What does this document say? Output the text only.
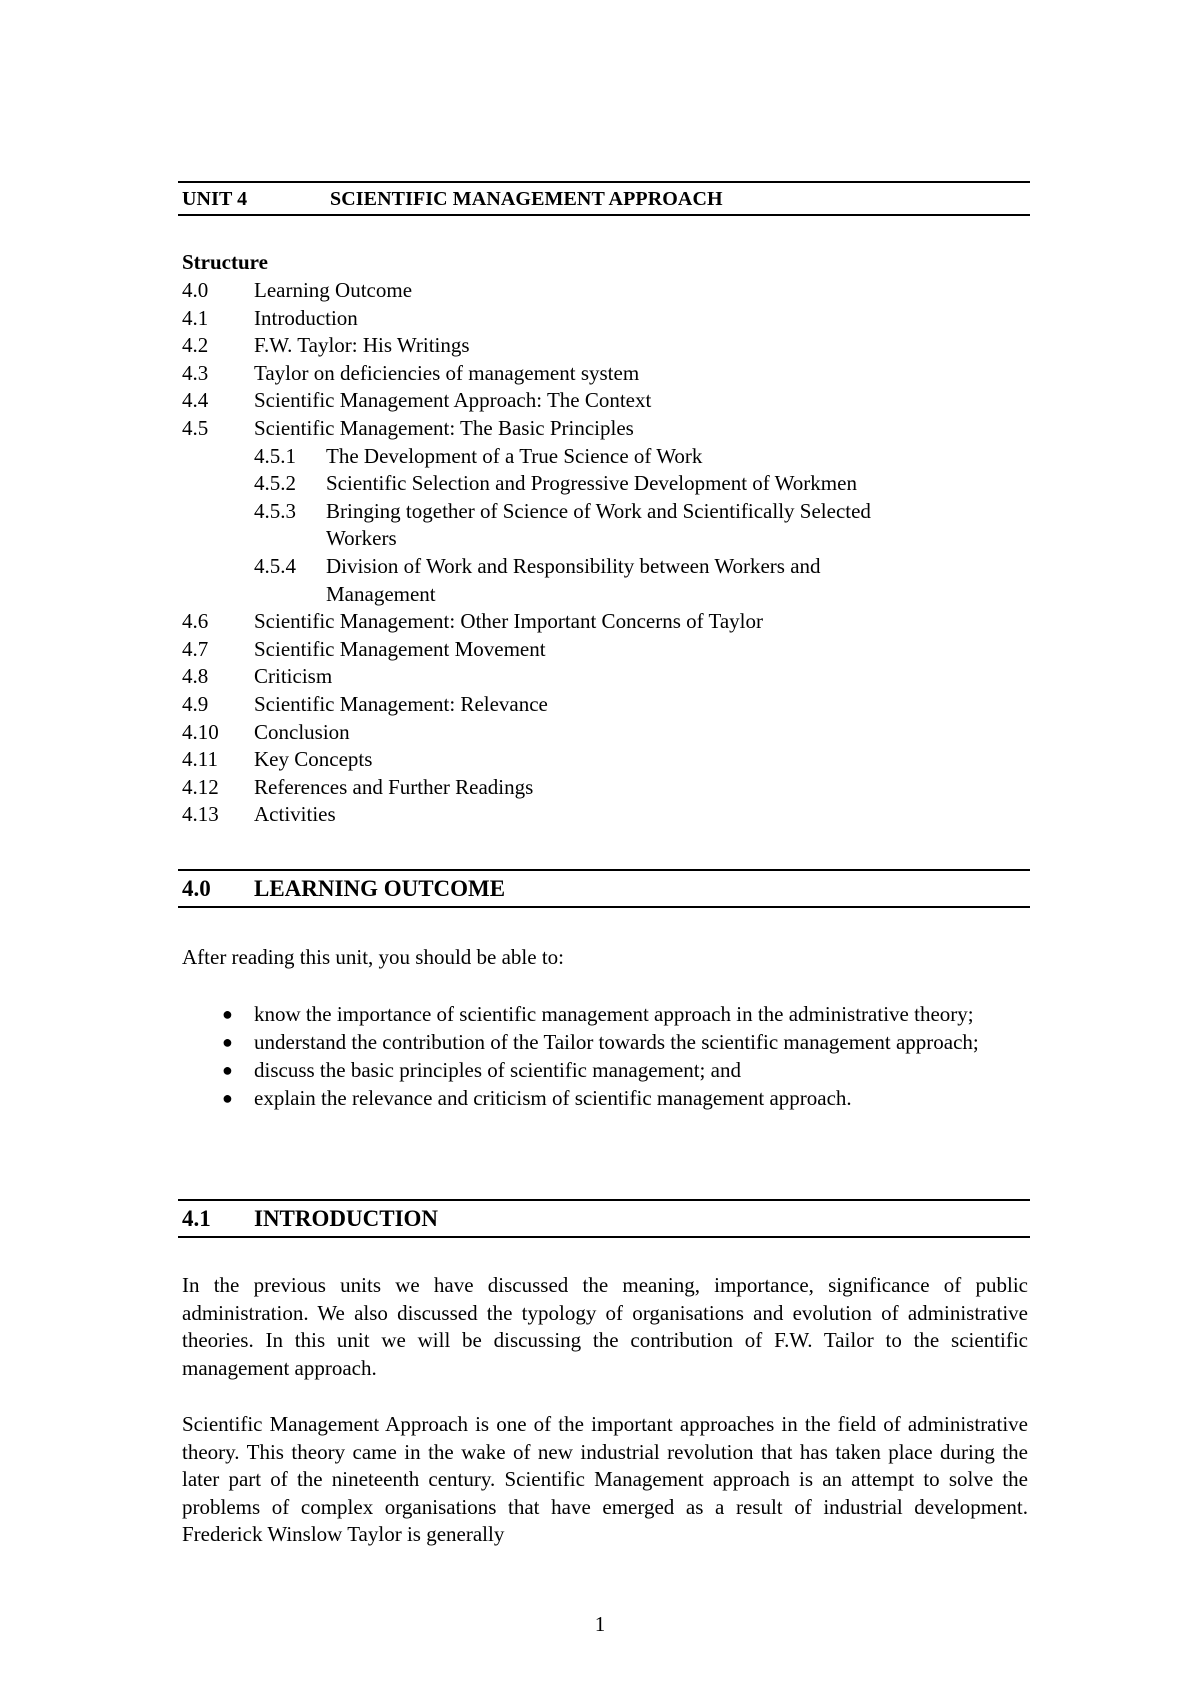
UNIT 4	SCIENTIFIC MANAGEMENT APPROACH
Structure
4.0 Learning Outcome
4.1 Introduction
4.2 F.W. Taylor: His Writings
4.3 Taylor on deficiencies of management system
4.4 Scientific Management Approach: The Context
4.5 Scientific Management: The Basic Principles
4.5.1 The Development of a True Science of Work
4.5.2 Scientific Selection and Progressive Development of Workmen
4.5.3 Bringing together of Science of Work and Scientifically Selected
Workers
4.5.4 Division of Work and Responsibility between Workers and
Management
4.6 Scientific Management: Other Important Concerns of Taylor
4.7 Scientific Management Movement
4.8 Criticism
4.9 Scientific Management: Relevance
4.10 Conclusion
4.11 Key Concepts
4.12 References and Further Readings
4.13 Activities
4.0 LEARNING OUTCOME

After reading this unit, you should be able to:

● know the importance of scientific management approach in the administrative theory;
● understand the contribution of the Tailor towards the scientific management approach;
● discuss the basic principles of scientific management; and
● explain the relevance and criticism of scientific management approach.
4.1 INTRODUCTION

In the previous units we have discussed the meaning, importance, significance of public administration. We also discussed the typology of organisations and evolution of administrative theories. In this unit we will be discussing the contribution of F.W. Tailor to the scientific management approach.

Scientific Management Approach is one of the important approaches in the field of administrative theory. This theory came in the wake of new industrial revolution that has taken place during the later part of the nineteenth century. Scientific Management approach is an attempt to solve the problems of complex organisations that have emerged as a result of industrial development. Frederick Winslow Taylor is generally

1
